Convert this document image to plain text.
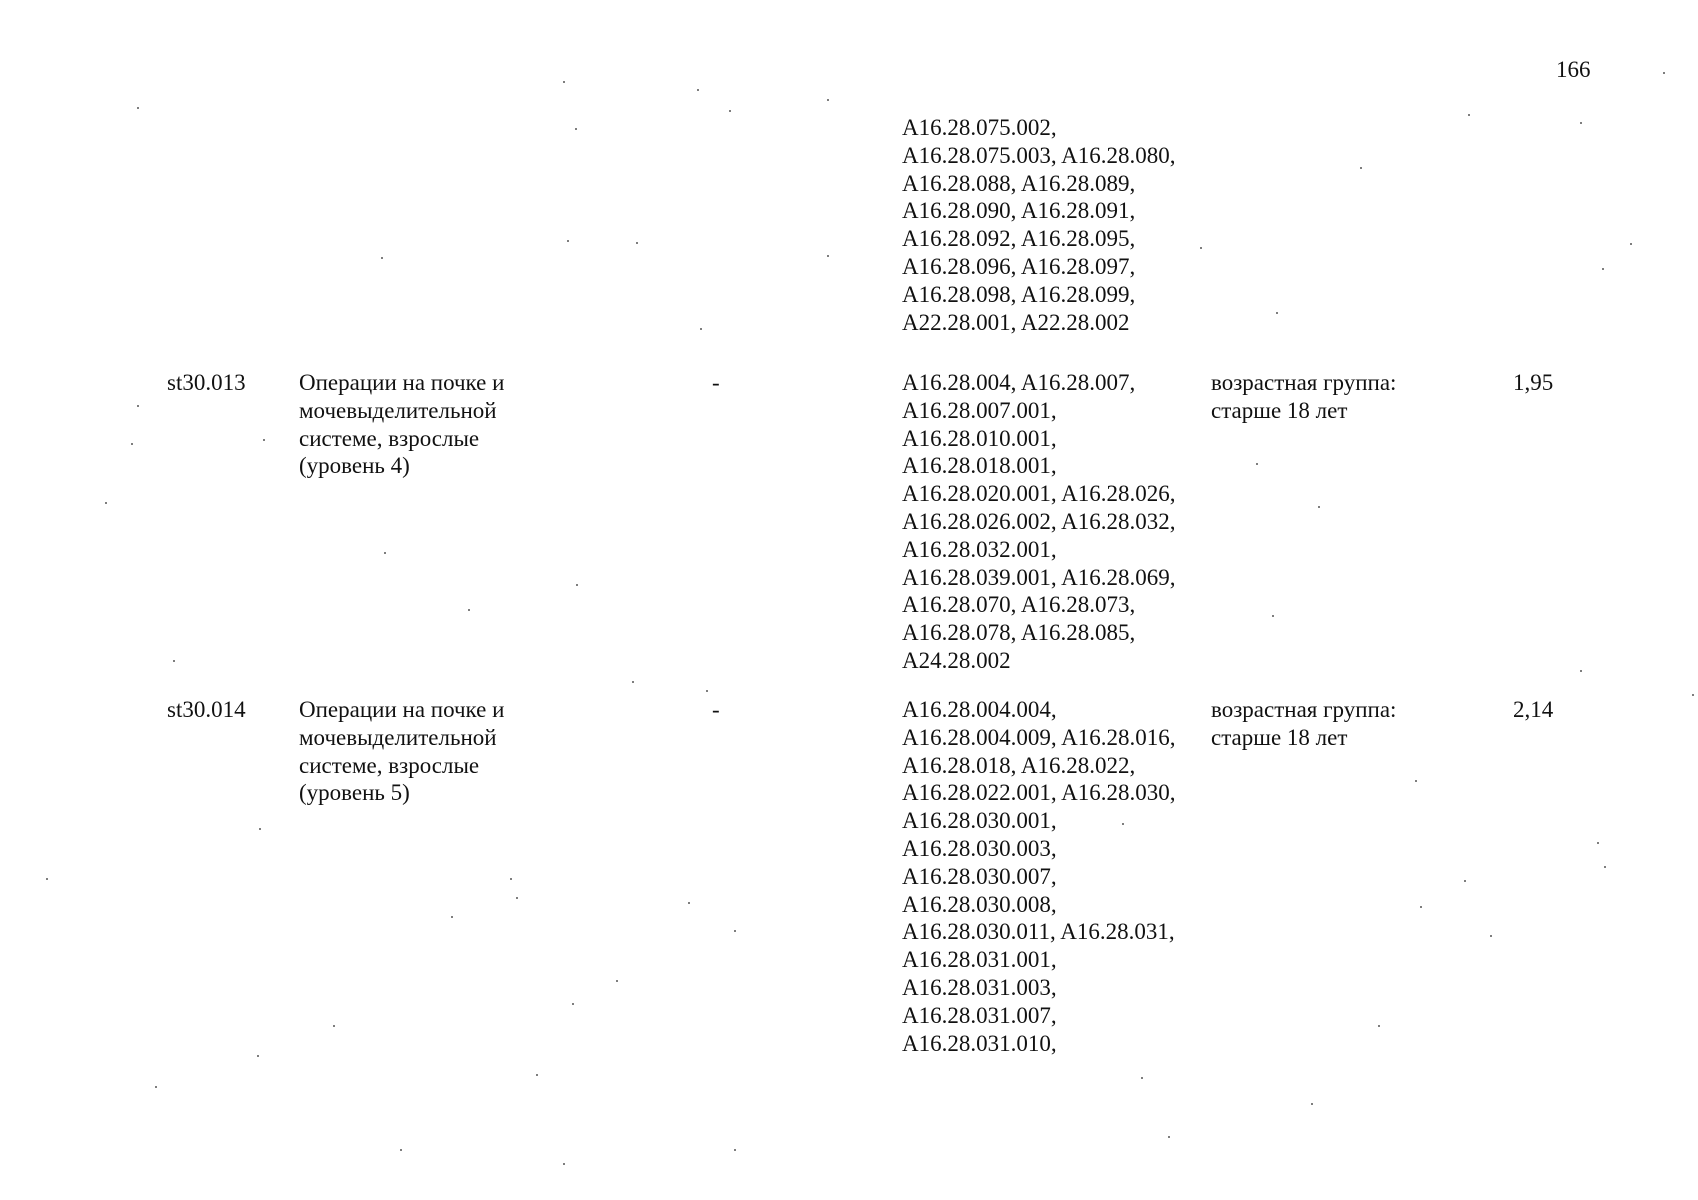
166
A16.28.075.002,
A16.28.075.003, A16.28.080,
A16.28.088, A16.28.089,
A16.28.090, A16.28.091,
A16.28.092, A16.28.095,
A16.28.096, A16.28.097,
A16.28.098, A16.28.099,
A22.28.001, A22.28.002
st30.013 Операции на почке и
мочевыделительной
системе, взрослые
(уровень 4)
-	A16.28.004, A16.28.007,
A16.28.007.001,
A16.28.010.001,
A16.28.018.001,
A16.28.020.001, A16.28.026,
A16.28.026.002, A16.28.032,
A16.28.032.001,
A16.28.039.001, A16.28.069,
A16.28.070, A16.28.073,
A16.28.078, A16.28.085,
A24.28.002
возрастная группа:
старше 18 лет
1,95
st30.014 Операции на почке и
мочевыделительной
системе, взрослые
(уровень 5)
-	A16.28.004.004,
A16.28.004.009, A16.28.016,
A16.28.018, A16.28.022,
A16.28.022.001, A16.28.030,
A16.28.030.001,
A16.28.030.003,
A16.28.030.007,
A16.28.030.008,
A16.28.030.011, A16.28.031,
A16.28.031.001,
A16.28.031.003,
A16.28.031.007,
A16.28.031.010,
возрастная группа:
старше 18 лет
2,14
